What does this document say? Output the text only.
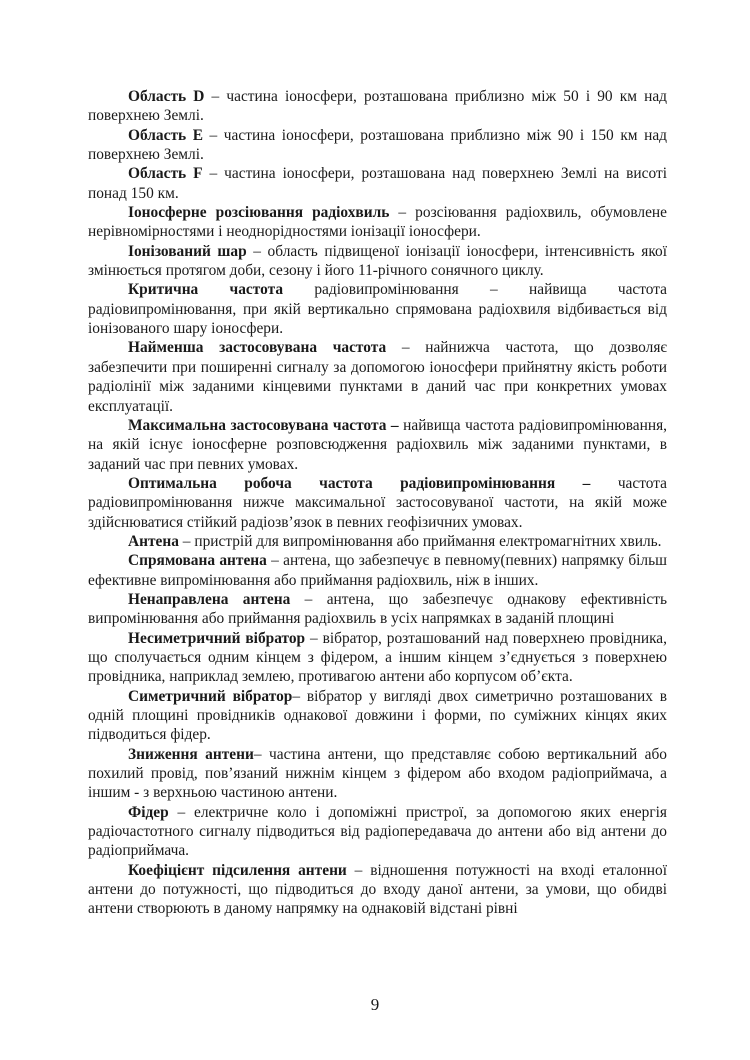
Область D – частина іоносфери, розташована приблизно між 50 і 90 км над поверхнею Землі.

Область E – частина іоносфери, розташована приблизно між 90 і 150 км над поверхнею Землі.

Область F – частина іоносфери, розташована над поверхнею Землі на висоті понад 150 км.

Іоносферне розсіювання радіохвиль – розсіювання радіохвиль, обумовлене нерівномірностями і неоднорідностями іонізації іоносфери.

Іонізований шар – область підвищеної іонізації іоносфери, інтенсивність якої змінюється протягом доби, сезону і його 11-річного сонячного циклу.

Критична частота радіовипромінювання – найвища частота радіовипромінювання, при якій вертикально спрямована радіохвиля відбивається від іонізованого шару іоносфери.

Найменша застосовувана частота – найнижча частота, що дозволяє забезпечити при поширенні сигналу за допомогою іоносфери прийнятну якість роботи радіолінії між заданими кінцевими пунктами в даний час при конкретних умовах експлуатації.

Максимальна застосовувана частота – найвища частота радіовипромінювання, на якій існує іоносферне розповсюдження радіохвиль між заданими пунктами, в заданий час при певних умовах.

Оптимальна робоча частота радіовипромінювання – частота радіовипромінювання нижче максимальної застосовуваної частоти, на якій може здійснюватися стійкий радіозв’язок в певних геофізичних умовах.

Антена – пристрій для випромінювання або приймання електромагнітних хвиль.

Спрямована антена – антена, що забезпечує в певному(певних) напрямку більш ефективне випромінювання або приймання радіохвиль, ніж в інших.

Ненаправлена антена – антена, що забезпечує однакову ефективність випромінювання або приймання радіохвиль в усіх напрямках в заданій площині

Несиметричний вібратор – вібратор, розташований над поверхнею провідника, що сполучається одним кінцем з фідером, а іншим кінцем з’єднується з поверхнею провідника, наприклад землею, противагою антени або корпусом об’єкта.

Симетричний вібратор– вібратор у вигляді двох симетрично розташованих в одній площині провідників однакової довжини і форми, по суміжних кінцях яких підводиться фідер.

Зниження антени– частина антени, що представляє собою вертикальний або похилий провід, пов’язаний нижнім кінцем з фідером або входом радіоприймача, а іншим - з верхньою частиною антени.

Фідер – електричне коло і допоміжні пристрої, за допомогою яких енергія радіочастотного сигналу підводиться від радіопередавача до антени або від антени до радіоприймача.

Коефіцієнт підсилення антени – відношення потужності на вході еталонної антени до потужності, що підводиться до входу даної антени, за умови, що обидві антени створюють в даному напрямку на однаковій відстані рівні

9
